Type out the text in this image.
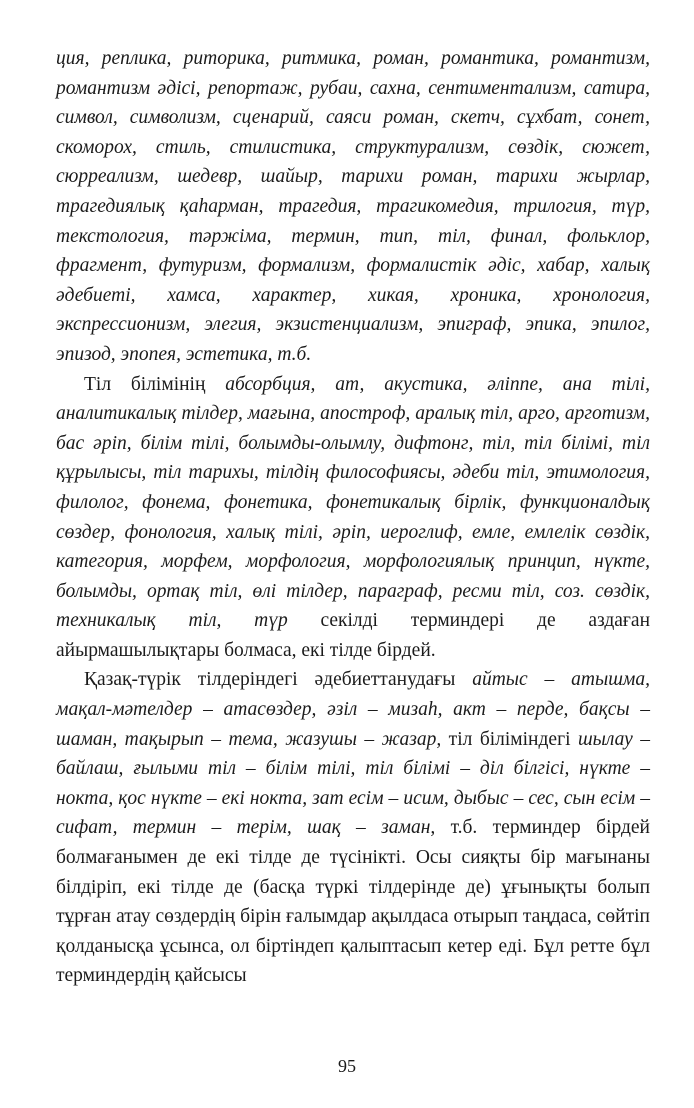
ция, реплика, риторика, ритмика, роман, романтика, романтизм, романтизм әдісі, репортаж, рубаи, сахна, сентиментализм, сатира, символ, символизм, сценарий, саяси роман, скетч, сұхбат, сонет, скоморох, стиль, стилистика, структурализм, сөздік, сюжет, сюрреализм, шедевр, шайыр, тарихи роман, тарихи жырлар, трагедиялық қаһарман, трагедия, трагикомедия, трилогия, түр, текстология, тәржіма, термин, тип, тіл, финал, фольклор, фрагмент, футуризм, формализм, формалистік әдіс, хабар, халық әдебиеті, хамса, характер, хикая, хроника, хронология, экспрессионизм, элегия, экзистенциализм, эпиграф, эпика, эпилог, эпизод, эпопея, эстетика, т.б.

Тіл білімінің абсорбция, ат, акустика, әліппе, ана тілі, аналитикалық тілдер, мағына, апостроф, аралық тіл, арго, арготизм, бас әріп, білім тілі, болымды-олымлу, дифтонг, тіл, тіл білімі, тіл құрылысы, тіл тарихы, тілдің философиясы, әдеби тіл, этимология, филолог, фонема, фонетика, фонетикалық бірлік, функционалдық сөздер, фонология, халық тілі, әріп, иероглиф, емле, емлелік сөздік, категория, морфем, морфология, морфологиялық принцип, нүкте, болымды, ортақ тіл, өлі тілдер, параграф, ресми тіл, соз. сөздік, техникалық тіл, түр секілді терминдері де аздаған айырмашылықтары болмаса, екі тілде бірдей.

Қазақ-түрік тілдеріндегі әдебиеттанудағы айтыс – атышма, мақал-мәтелдер – атасөздер, әзіл – мизаһ, акт – перде, бақсы – шаман, тақырып – тема, жазушы – жазар, тіл біліміндегі шылау – байлаш, ғылыми тіл – білім тілі, тіл білімі – діл білгісі, нүкте – нокта, қос нүкте – екі нокта, зат есім – исим, дыбыс – сес, сын есім – сифат, термин – терім, шақ – заман, т.б. терминдер бірдей болмағанымен де екі тілде де түсінікті. Осы сияқты бір мағынаны білдіріп, екі тілде де (басқа түркі тілдерінде де) ұғынықты болып тұрған атау сөздердің бірін ғалымдар ақылдаса отырып таңдаса, сөйтіп қолданысқа ұсынса, ол біртіндеп қалыптасып кетер еді. Бұл ретте бұл терминдердің қайсысы

95
